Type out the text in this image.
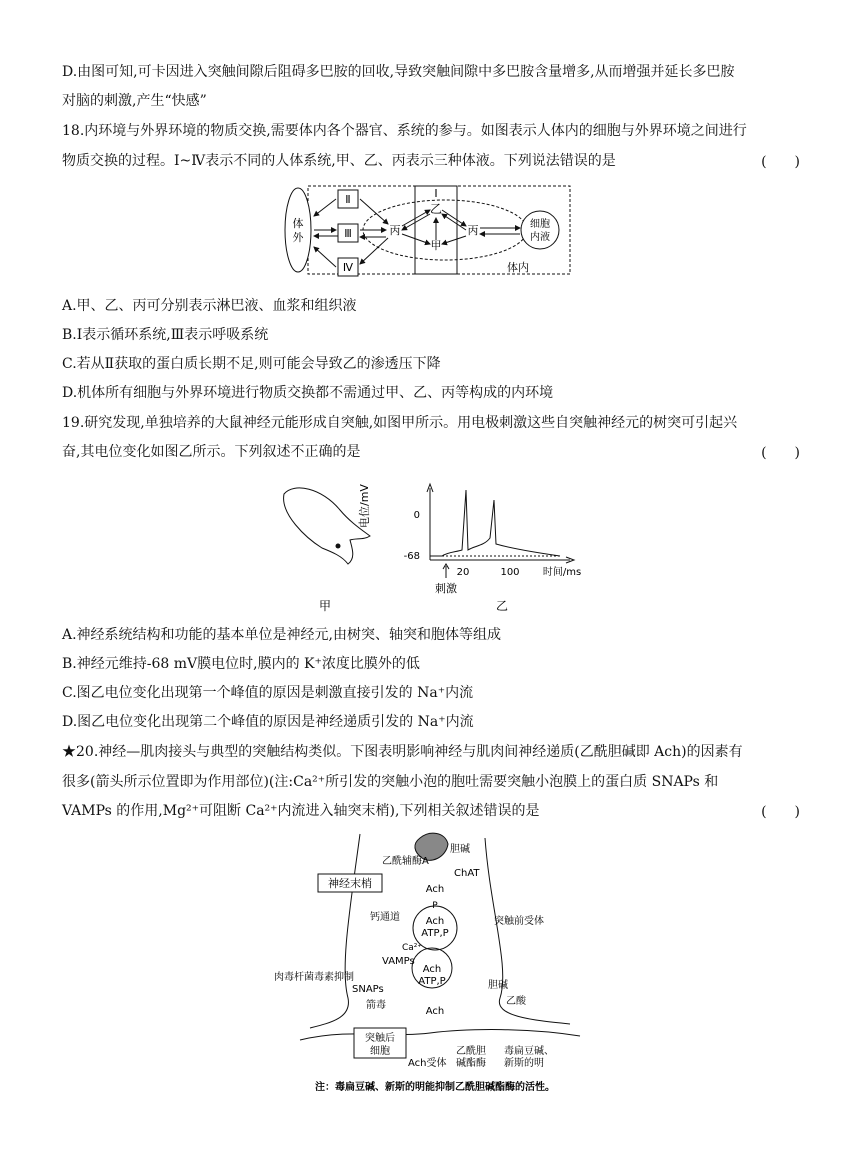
D.由图可知,可卡因进入突触间隙后阻碍多巴胺的回收,导致突触间隙中多巴胺含量增多,从而增强并延长多巴胺
对脑的刺激,产生“快感”
18.内环境与外界环境的物质交换,需要体内各个器官、系统的参与。如图表示人体内的细胞与外界环境之间进行
物质交换的过程。Ⅰ~Ⅳ表示不同的人体系统,甲、乙、丙表示三种体液。下列说法错误的是	(　　)
体
外
Ⅱ
Ⅲ
Ⅳ
Ⅰ
丙
乙
甲
丙	细胞
内液
体内
A.甲、乙、丙可分别表示淋巴液、血浆和组织液
B.Ⅰ表示循环系统,Ⅲ表示呼吸系统
C.若从Ⅱ获取的蛋白质长期不足,则可能会导致乙的渗透压下降
D.机体所有细胞与外界环境进行物质交换都不需通过甲、乙、丙等构成的内环境
19.研究发现,单独培养的大鼠神经元能形成自突触,如图甲所示。用电极刺激这些自突触神经元的树突可引起兴
奋,其电位变化如图乙所示。下列叙述不正确的是	(　　)
甲
电位/mV	0
-68
20	100 时间/ms
刺激
乙
A.神经系统结构和功能的基本单位是神经元,由树突、轴突和胞体等组成
B.神经元维持-68 mV膜电位时,膜内的 K⁺浓度比膜外的低
C.图乙电位变化出现第一个峰值的原因是刺激直接引发的 Na⁺内流
D.图乙电位变化出现第二个峰值的原因是神经递质引发的 Na⁺内流
★20.神经—肌肉接头与典型的突触结构类似。下图表明影响神经与肌肉间神经递质(乙酰胆碱即 Ach)的因素有
很多(箭头所示位置即为作用部位)(注:Ca²⁺所引发的突触小泡的胞吐需要突触小泡膜上的蛋白质 SNAPs 和
VAMPs 的作用,Mg²⁺可阻断 Ca²⁺内流进入轴突末梢),下列相关叙述错误的是	(　　)
神经末梢
乙酰辅酶A
胆碱
ChAT
Ach
P
Ach
ATP,P
钙通道
Ca²⁺
VAMPs
肉毒杆菌毒素抑制
SNAPs
Ach
ATP,P
箭毒
Ach
突触前受体
胆碱
乙酸
突触后
细胞
Ach受体
乙酰胆
碱酯酶
毒扁豆碱、
新斯的明
注：毒扁豆碱、新斯的明能抑制乙酰胆碱酯酶的活性。
